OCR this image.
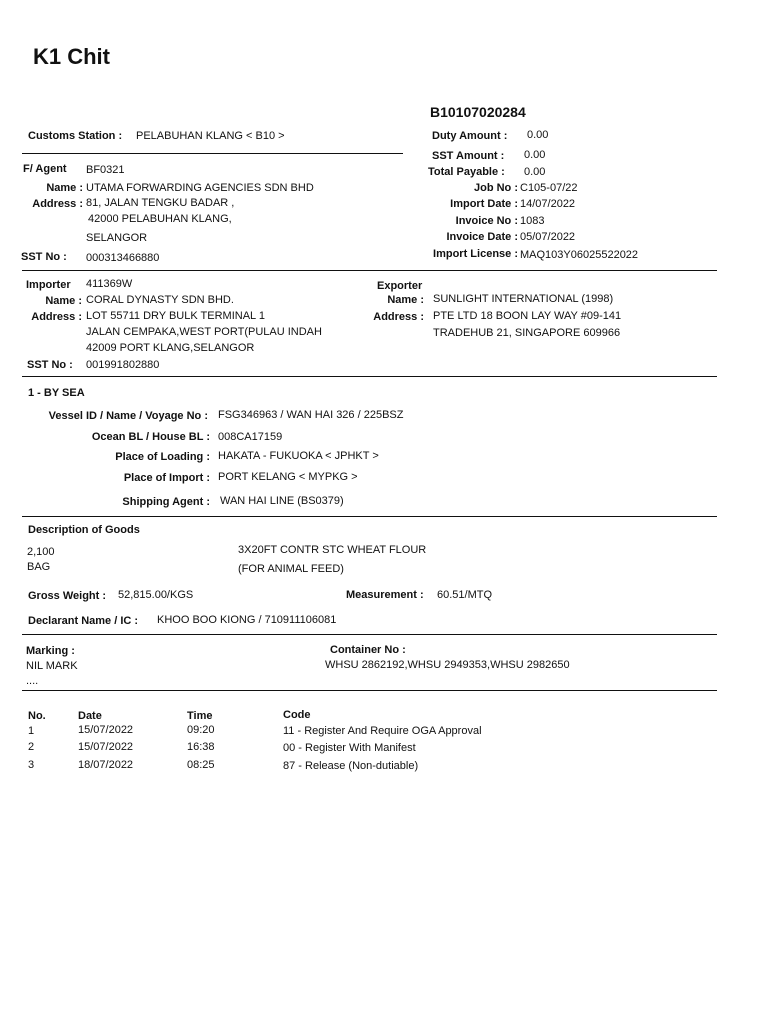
K1 Chit
B10107020284
Customs Station : PELABUHAN KLANG < B10 >	Duty Amount : 0.00
SST Amount : 0.00
Total Payable : 0.00
F/ Agent BF0321
Name : UTAMA FORWARDING AGENCIES SDN BHD
Address : 81, JALAN TENGKU BADAR ,
42000 PELABUHAN KLANG,
SELANGOR
SST No : 000313466880
Job No : C105-07/22
Import Date : 14/07/2022
Invoice No : 1083
Invoice Date : 05/07/2022
Import License : MAQ103Y06025522022
Importer 411369W
Name : CORAL DYNASTY SDN BHD.
Address : LOT 55711 DRY BULK TERMINAL 1
JALAN CEMPAKA,WEST PORT(PULAU INDAH
42009 PORT KLANG,SELANGOR
SST No : 001991802880
Exporter
Name : SUNLIGHT INTERNATIONAL (1998)
Address : PTE LTD 18 BOON LAY WAY #09-141
TRADEHUB 21, SINGAPORE 609966
1 - BY SEA
Vessel ID / Name / Voyage No : FSG346963 / WAN HAI 326 / 225BSZ
Ocean BL / House BL : 008CA17159
Place of Loading : HAKATA - FUKUOKA < JPHKT >
Place of Import : PORT KELANG < MYPKG >
Shipping Agent : WAN HAI LINE (BS0379)
Description of Goods
2,100
BAG
3X20FT CONTR STC WHEAT FLOUR
(FOR ANIMAL FEED)
Gross Weight : 52,815.00/KGS	Measurement : 60.51/MTQ
Declarant Name / IC : KHOO BOO KIONG / 710911106081
Marking :
NIL MARK
....
Container No :
WHSU 2862192,WHSU 2949353,WHSU 2982650
No.	Date	Time	Code
1	15/07/2022	09:20	11 - Register And Require OGA Approval
2	15/07/2022	16:38	00 - Register With Manifest
3	18/07/2022	08:25	87 - Release (Non-dutiable)
